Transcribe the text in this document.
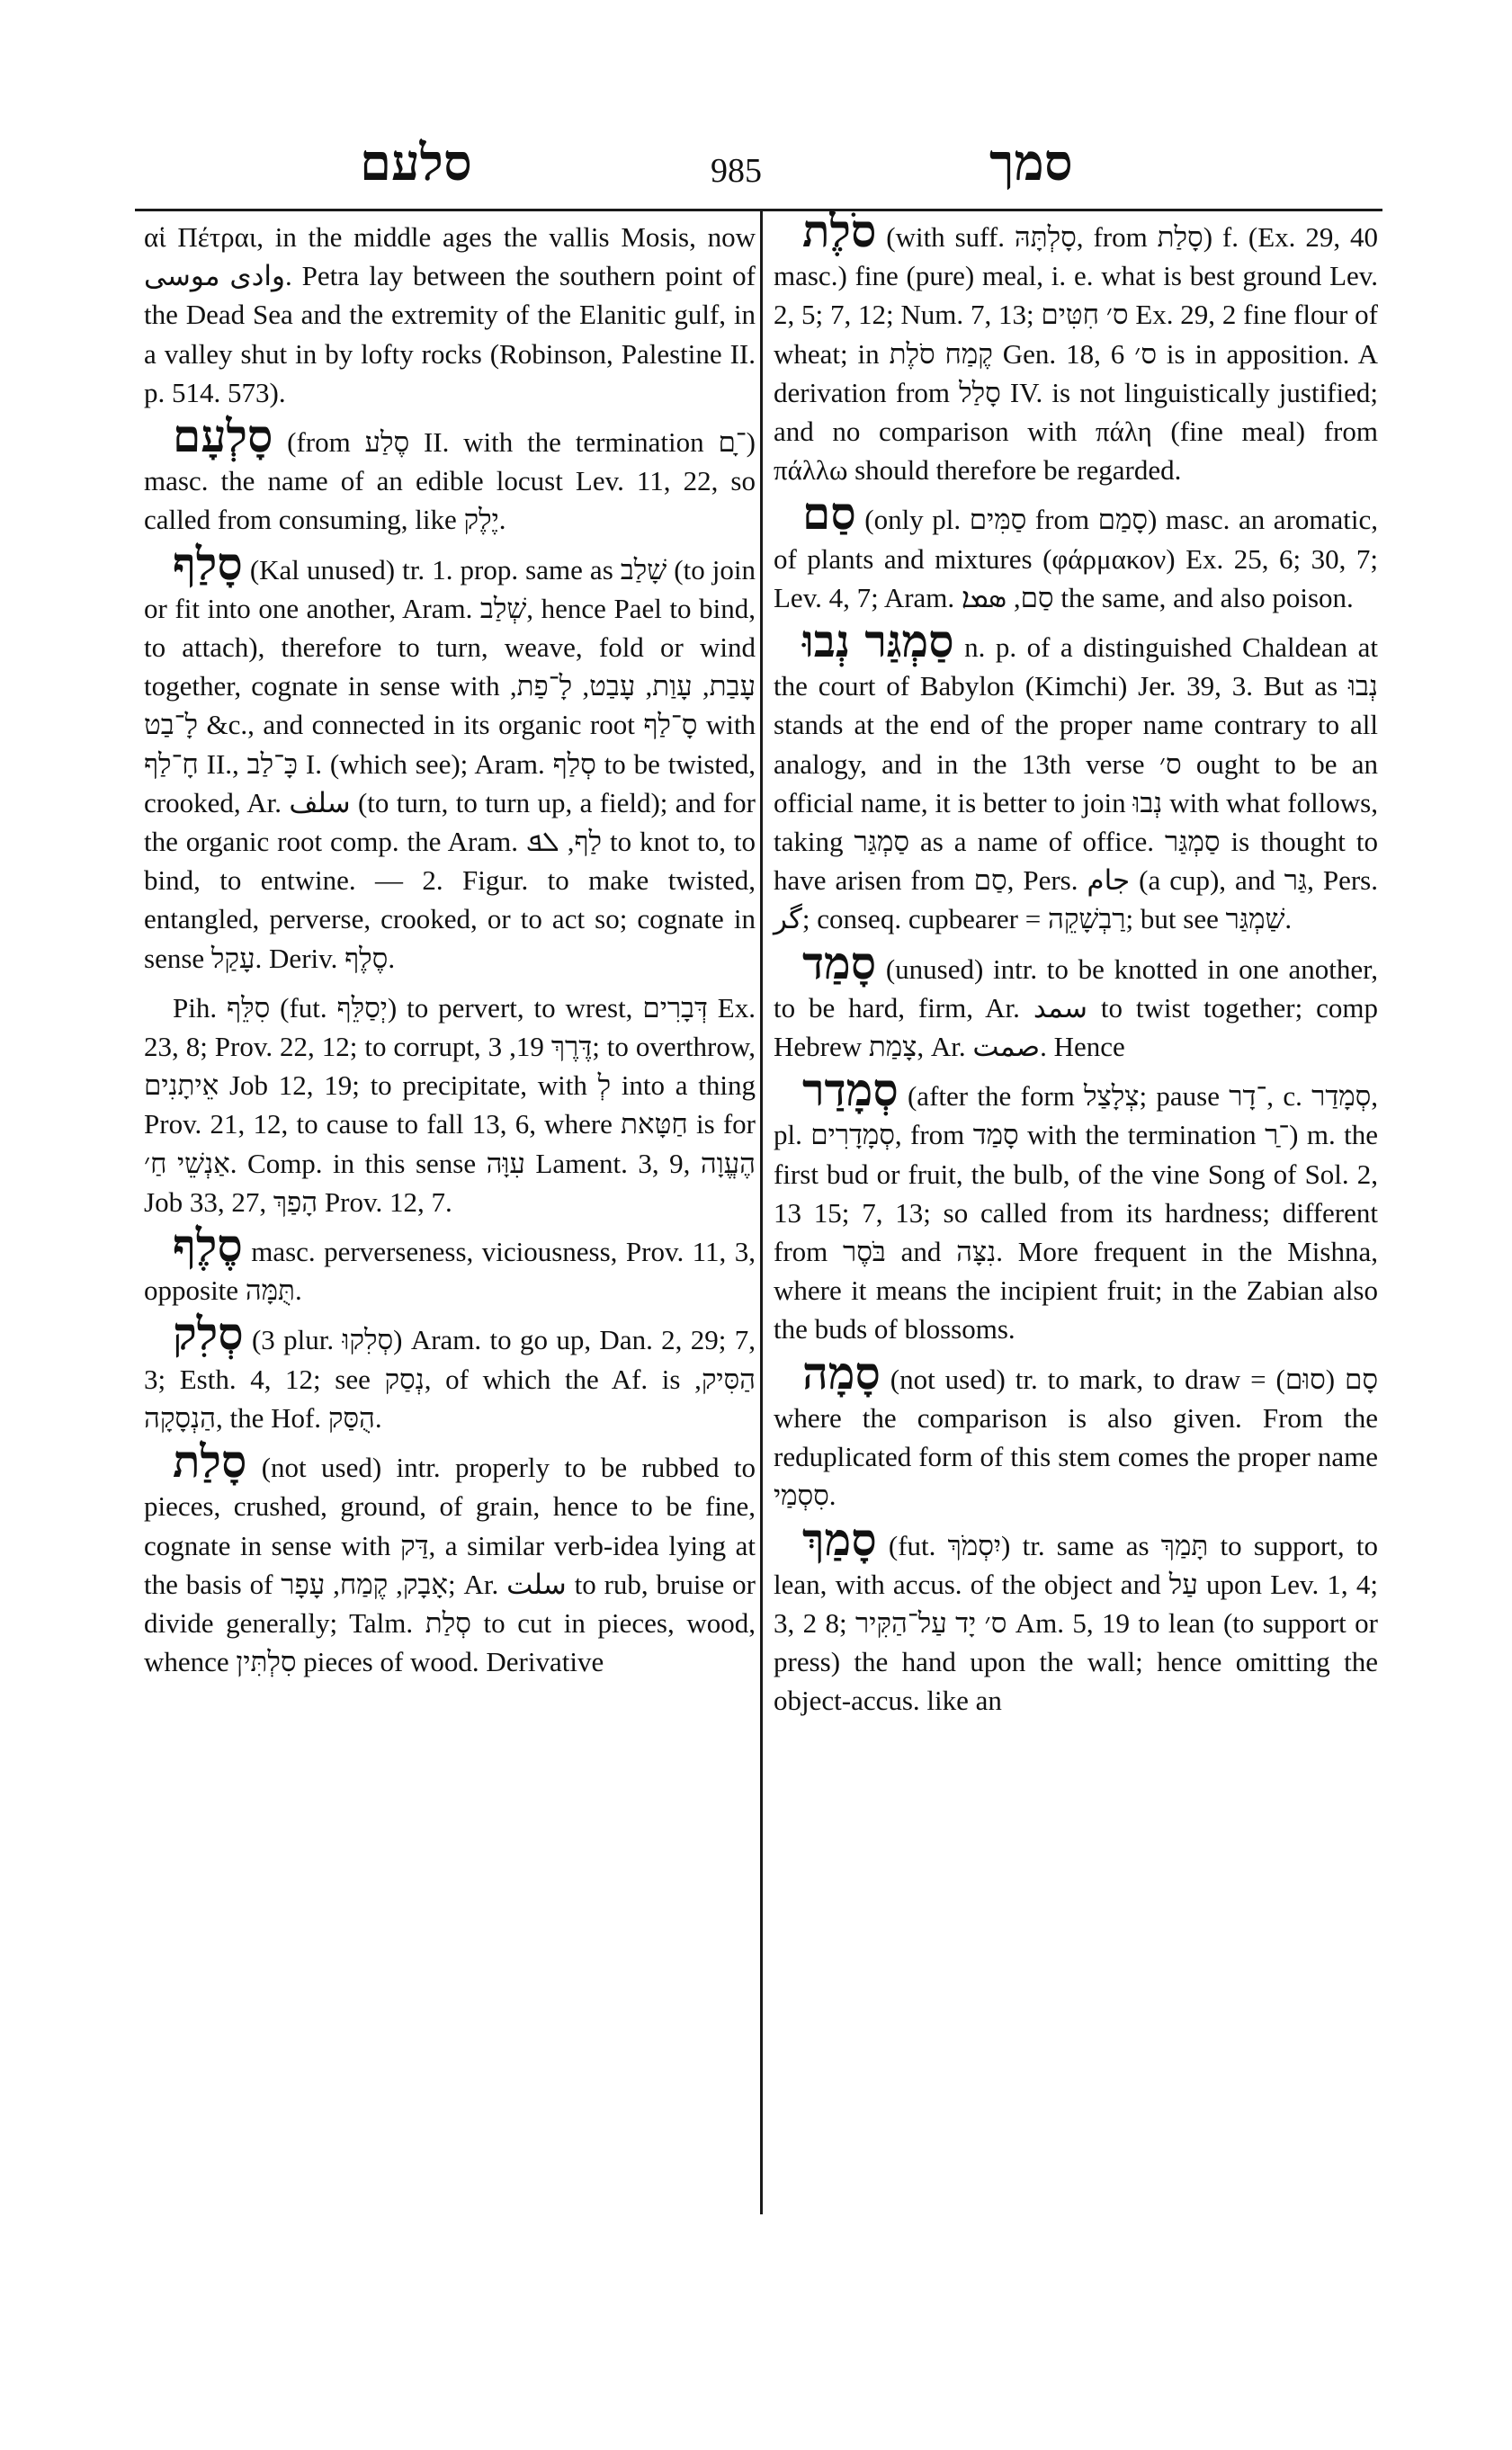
סלעם	985	סמך

αἱ Πέτραι, in the middle ages the vallis Mosis, now وادى موسى. Petra lay between the southern point of the Dead Sea and the extremity of the Elanitic gulf, in a valley shut in by lofty rocks (Robinson, Palestine II. p. 514. 573).

סָלְעָם (from סֶלַע II. with the termination ־ָם) masc. the name of an edible locust Lev. 11, 22, so called from consuming, like יֶלֶק.

סָלַף (Kal unused) tr. 1. prop. same as שָׁלַב (to join or fit into one another, Aram. שְׁלַב, hence Pael to bind, to attach), therefore to turn, weave, fold or wind together, cognate in sense with עָבַת, עָוַת, עָבַט, לָ־פַת, לָ־בַט &c., and connected in its organic root סָ־לַף with חָ־לַף II., כָּ־לַב I. (which see); Aram. סְלַף to be twisted, crooked, Ar. سلف (to turn, to turn up, a field); and for the organic root comp. the Aram. לַף, ܠܦ to knot to, to bind, to entwine. — 2. Figur. to make twisted, entangled, perverse, crooked, or to act so; cognate in sense עָקַל. Deriv. סֶלֶף.

Pih. סִלֵּף (fut. יְסַלֵּף) to pervert, to wrest, דְּבָרִים Ex. 23, 8; Prov. 22, 12; to corrupt, דֶּרֶךְ 19, 3; to overthrow, אֵיתָנִים Job 12, 19; to precipitate, with לְ into a thing Prov. 21, 12, to cause to fall 13, 6, where חַטָּאת is for אַנְשֵׁי חַ׳. Comp. in this sense עִוָּה Lament. 3, 9, הֶעֱוָה Job 33, 27, הָפַךְ Prov. 12, 7.

סֶלֶף masc. perverseness, viciousness, Prov. 11, 3, opposite תֻּמָּה.

סְלִק (3 plur. סְלִקוּ) Aram. to go up, Dan. 2, 29; 7, 3; Esth. 4, 12; see נְסַק, of which the Af. is הַסִּיק, הַנְסָקָה, the Hof. הֻסַּק.

סָלַת (not used) intr. properly to be rubbed to pieces, crushed, ground, of grain, hence to be fine, cognate in sense with דַּק, a similar verb-idea lying at the basis of אָבָק, קֶמַח, עָפָר; Ar. سلت to rub, bruise or divide generally; Talm. סְלַת to cut in pieces, wood, whence סִלְתִּין pieces of wood. Derivative

סֹלֶת (with suff. סָלְתָּהּ, from סָלַת) f. (Ex. 29, 40 masc.) fine (pure) meal, i. e. what is best ground Lev. 2, 5; 7, 12; Num. 7, 13; ס׳ חִטִּים Ex. 29, 2 fine flour of wheat; in קֶמַח סֹלֶת Gen. 18, 6 ס׳ is in apposition. A derivation from סָלַל IV. is not linguistically justified; and no comparison with πάλη (fine meal) from πάλλω should therefore be regarded.

סַם (only pl. סַמִּים from סָמַם) masc. an aromatic, of plants and mixtures (φάρμακον) Ex. 25, 6; 30, 7; Lev. 4, 7; Aram. סַם, ܣܡܐ the same, and also poison.

סַמְגַּר נְבוּ n. p. of a distinguished Chaldean at the court of Babylon (Kimchi) Jer. 39, 3. But as נְבוּ stands at the end of the proper name contrary to all analogy, and in the 13th verse ס׳ ought to be an official name, it is better to join נְבוּ with what follows, taking סַמְגַּר as a name of office. סַמְגַּר is thought to have arisen from סַם, Pers. جام (a cup), and גַּר, Pers. گر; conseq. cupbearer = רַבְשָׁקֵה; but see שַׁמְגַּר.

סָמַד (unused) intr. to be knotted in one another, to be hard, firm, Ar. سمد to twist together; comp Hebrew צָמַת, Ar. صمت. Hence

סְמָדַר (after the form צְלָצַל; pause ־דָר, c. סְמָדַר, pl. סְמָדָרִים, from סָמַד with the termination ־ַר) m. the first bud or fruit, the bulb, of the vine Song of Sol. 2, 13 15; 7, 13; so called from its hardness; different from בֹּסֶר and נִצָּה. More frequent in the Mishna, where it means the incipient fruit; in the Zabian also the buds of blossoms.

סָמָה (not used) tr. to mark, to draw = סָם (סוּם) where the comparison is also given. From the reduplicated form of this stem comes the proper name סִסְמַי.

סָמַךְ (fut. יִסְמֹךְ) tr. same as תָּמַךְ to support, to lean, with accus. of the object and עַל upon Lev. 1, 4; 3, 2 8; ס׳ יָד עַל־הַקִּיר Am. 5, 19 to lean (to support or press) the hand upon the wall; hence omitting the object-accus. like an
